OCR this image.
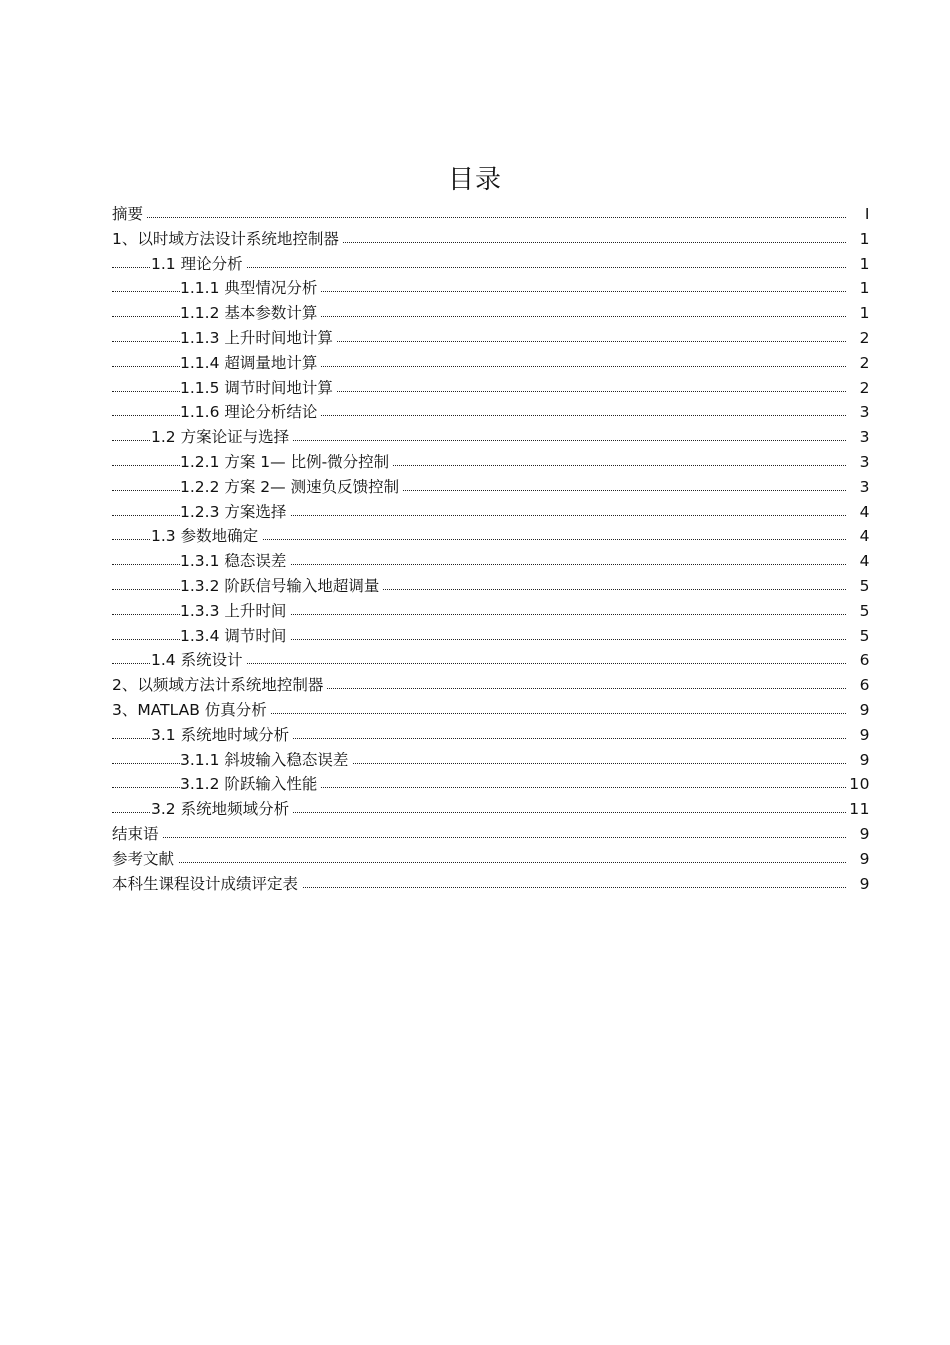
目录
摘要	I
1、以时域方法设计系统地控制器	1
1.1 理论分析	1
1.1.1 典型情况分析	1
1.1.2 基本参数计算	1
1.1.3 上升时间地计算	2
1.1.4 超调量地计算	2
1.1.5 调节时间地计算	2
1.1.6 理论分析结论	3
1.2 方案论证与选择	3
1.2.1 方案 1— 比例-微分控制	3
1.2.2 方案 2— 测速负反馈控制	3
1.2.3 方案选择	4
1.3 参数地确定	4
1.3.1 稳态误差	4
1.3.2 阶跃信号输入地超调量	5
1.3.3 上升时间	5
1.3.4 调节时间	5
1.4 系统设计	6
2、以频域方法计系统地控制器	6
3、MATLAB 仿真分析	9
3.1 系统地时域分析	9
3.1.1 斜坡输入稳态误差	9
3.1.2 阶跃输入性能	10
3.2 系统地频域分析	11
结束语	9
参考文献	9
本科生课程设计成绩评定表	9
